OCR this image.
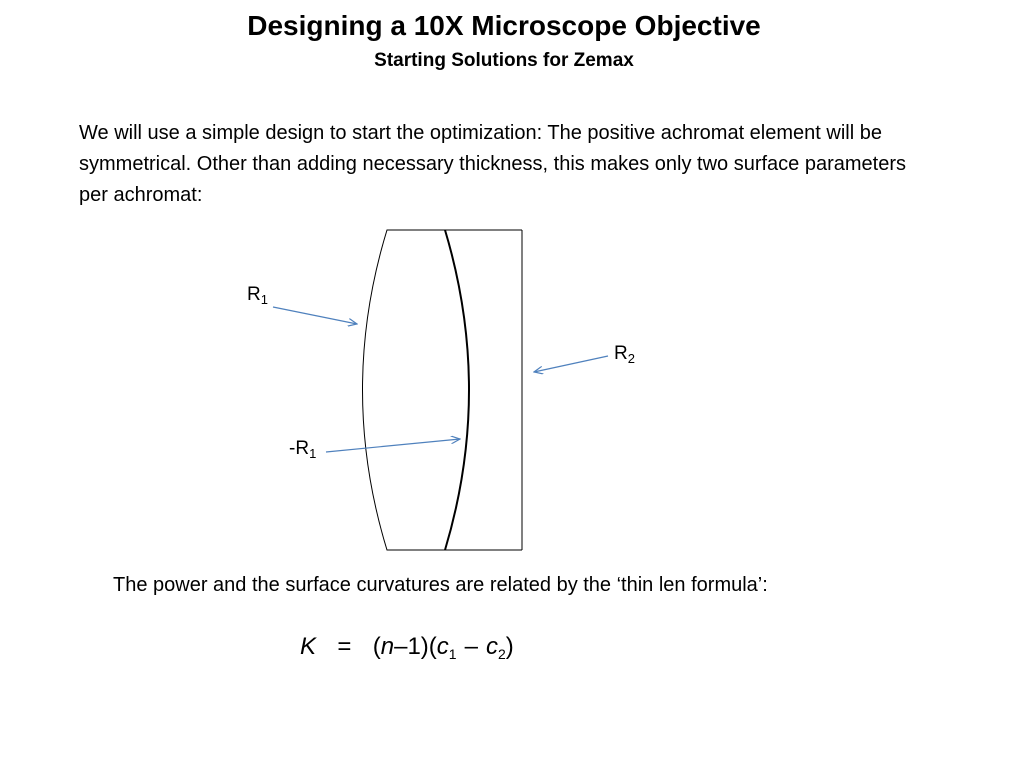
Designing a 10X Microscope Objective
Starting Solutions for Zemax

We will use a simple design to start the optimization: The positive achromat element will be symmetrical. Other than adding necessary thickness, this makes only two surface parameters per achromat:

$R_1$
$R_2$
$-R_1$

The power and the surface curvatures are related by the ‘thin len formula’:

$K = (n-1)(c_1 - c_2)$
